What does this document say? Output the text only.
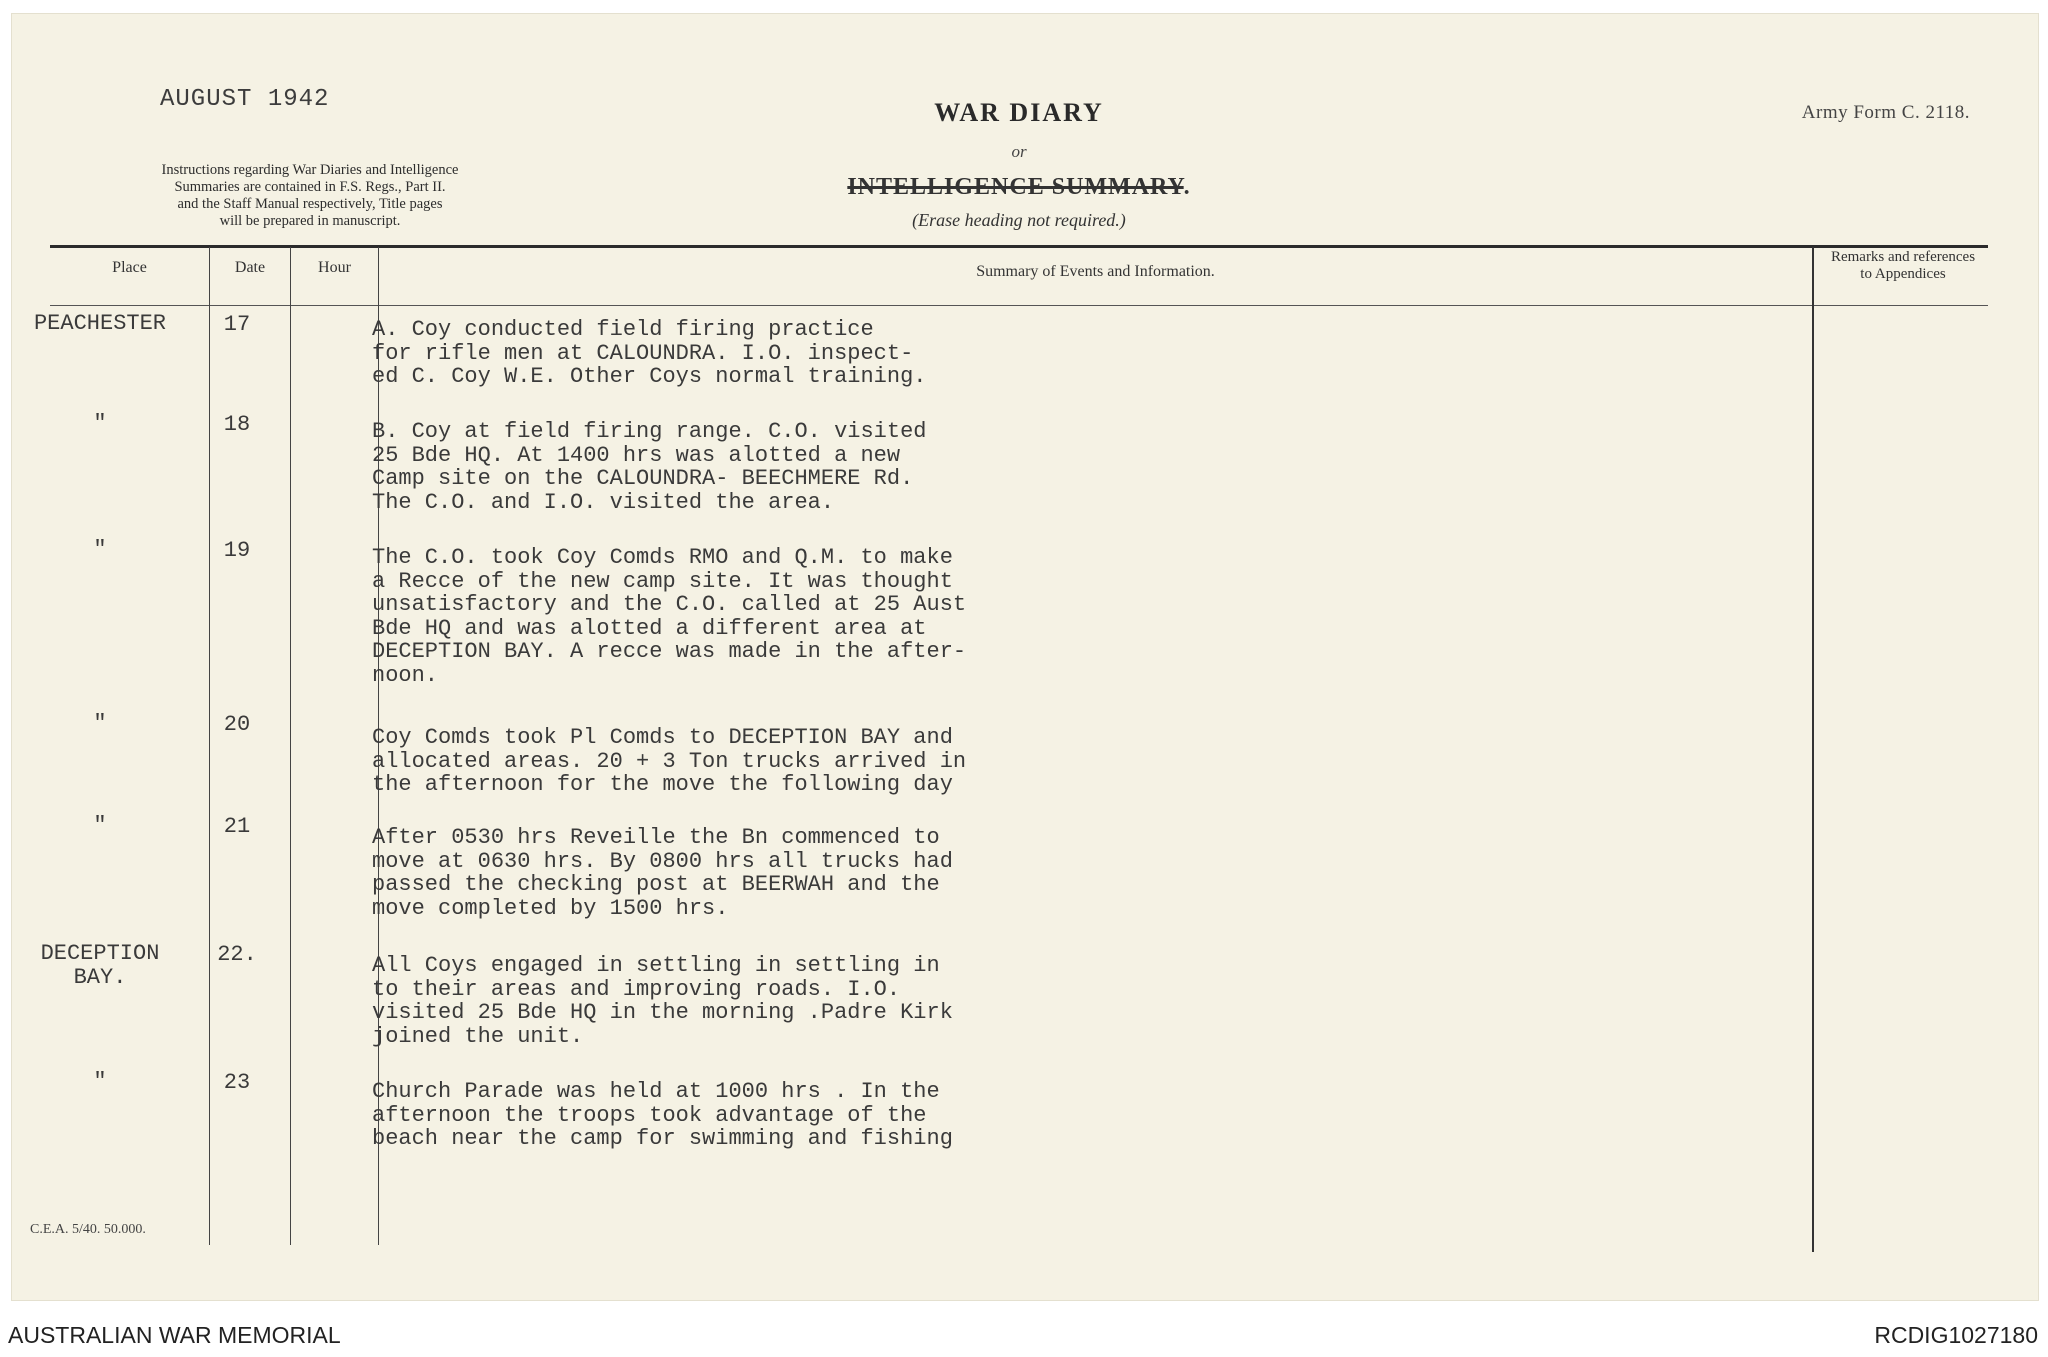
AUGUST 1942
Instructions regarding War Diaries and Intelligence
Summaries are contained in F.S. Regs., Part II.
and the Staff Manual respectively, Title pages
will be prepared in manuscript.
WAR DIARY
or
INTELLIGENCE SUMMARY.
(Erase heading not required.)
Army Form C. 2118.
Place	Date	Hour	Summary of Events and Information.
Remarks and references to Appendices
PEACHESTER	17	A. Coy conducted field firing practice
for rifle men at CALOUNDRA. I.O. inspect-
ed C. Coy W.E. Other Coys normal training.
"	18	B. Coy at field firing range. C.O. visited
25 Bde HQ. At 1400 hrs was alotted a new
Camp site on the CALOUNDRA- BEECHMERE Rd.
The C.O. and I.O. visited the area.
"	19	The C.O. took Coy Comds RMO and Q.M. to make
a Recce of the new camp site. It was thought
unsatisfactory and the C.O. called at 25 Aust
Bde HQ and was alotted a different area at
DECEPTION BAY. A recce was made in the after-
noon.
"	20
Coy Comds took Pl Comds to DECEPTION BAY and
allocated areas. 20 + 3 Ton trucks arrived in
the afternoon for the move the following day
"	21	After 0530 hrs Reveille the Bn commenced to
move at 0630 hrs. By 0800 hrs all trucks had
passed the checking post at BEERWAH and the
move completed by 1500 hrs.
DECEPTION
BAY.
22.	All Coys engaged in settling in settling in
to their areas and improving roads. I.O.
visited 25 Bde HQ in the morning .Padre Kirk
joined the unit.
"	23	Church Parade was held at 1000 hrs . In the
afternoon the troops took advantage of the
beach near the camp for swimming and fishing
C.E.A. 5/40. 50.000.
AUSTRALIAN WAR MEMORIAL	RCDIG1027180
